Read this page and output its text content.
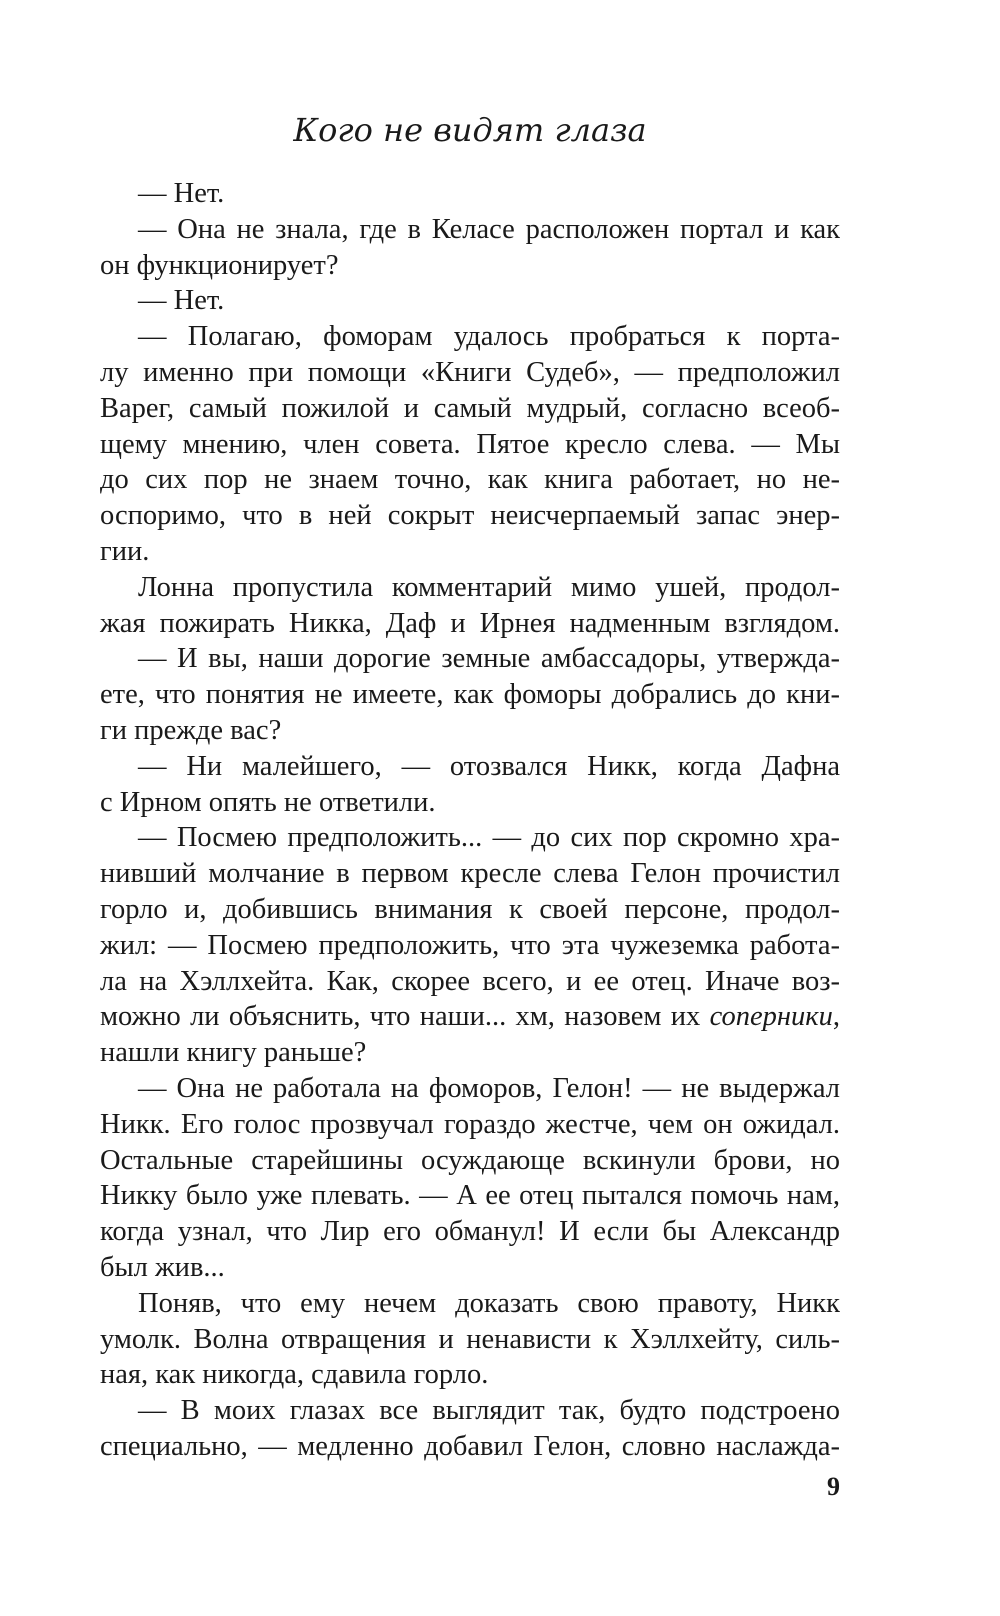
Кого не видят глаза
— Нет.
— Она не знала, где в Келасе расположен портал и как
он функционирует?
— Нет.
— Полагаю, фоморам удалось пробраться к порта-
лу именно при помощи «Книги Судеб», — предположил
Варег, самый пожилой и самый мудрый, согласно всеоб-
щему мнению, член совета. Пятое кресло слева. — Мы
до сих пор не знаем точно, как книга работает, но не-
оспоримо, что в ней сокрыт неисчерпаемый запас энер-
гии.
Лонна пропустила комментарий мимо ушей, продол-
жая пожирать Никка, Даф и Ирнея надменным взглядом.
— И вы, наши дорогие земные амбассадоры, утвержда-
ете, что понятия не имеете, как фоморы добрались до кни-
ги прежде вас?
— Ни малейшего, — отозвался Никк, когда Дафна
с Ирном опять не ответили.
— Посмею предположить... — до сих пор скромно хра-
нивший молчание в первом кресле слева Гелон прочистил
горло и, добившись внимания к своей персоне, продол-
жил: — Посмею предположить, что эта чужеземка работа-
ла на Хэллхейта. Как, скорее всего, и ее отец. Иначе воз-
можно ли объяснить, что наши... хм, назовем их соперники,
нашли книгу раньше?
— Она не работала на фоморов, Гелон! — не выдержал
Никк. Его голос прозвучал гораздо жестче, чем он ожидал.
Остальные старейшины осуждающе вскинули брови, но
Никку было уже плевать. — А ее отец пытался помочь нам,
когда узнал, что Лир его обманул! И если бы Александр
был жив...
Поняв, что ему нечем доказать свою правоту, Никк
умолк. Волна отвращения и ненависти к Хэллхейту, силь-
ная, как никогда, сдавила горло.
— В моих глазах все выглядит так, будто подстроено
специально, — медленно добавил Гелон, словно наслажда-
9
